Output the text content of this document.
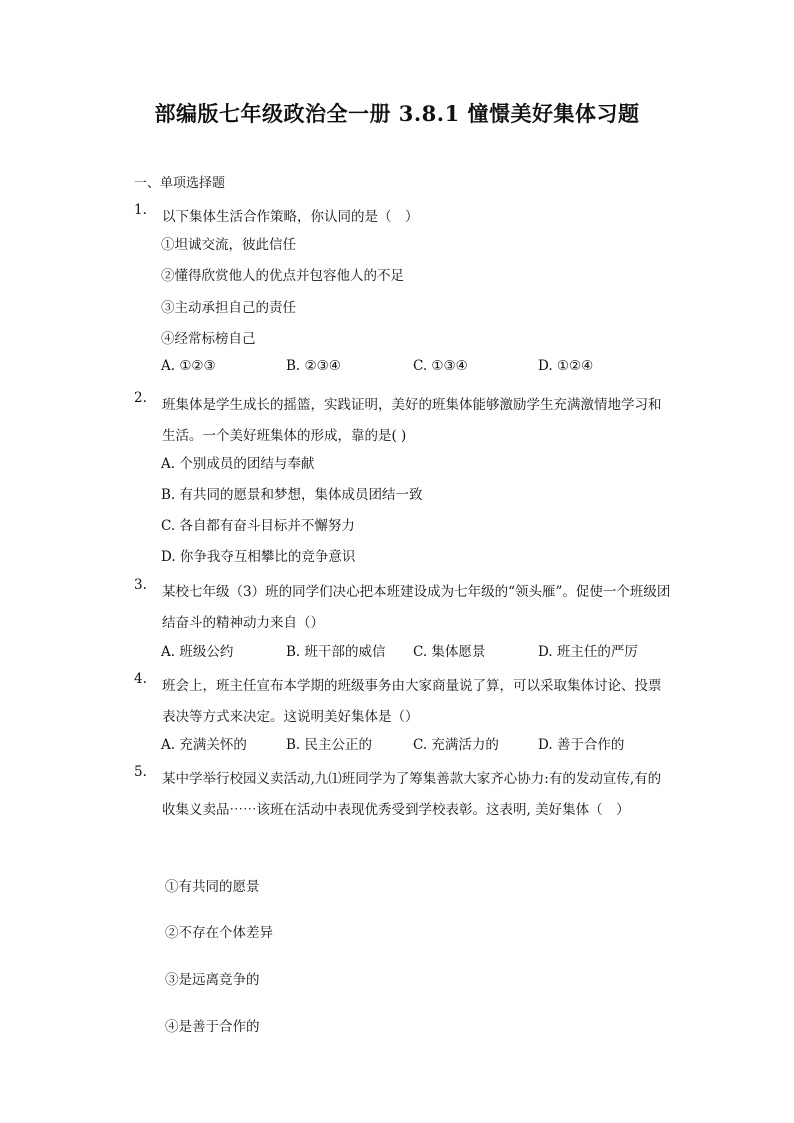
部编版七年级政治全一册 3.8.1 憧憬美好集体习题
一、单项选择题
1.	以下集体生活合作策略，你认同的是（　）
①坦诚交流，彼此信任
②懂得欣赏他人的优点并包容他人的不足
③主动承担自己的责任
④经常标榜自己
A. ①②③	B. ②③④	C. ①③④	D. ①②④
2.	班集体是学生成长的摇篮，实践证明，美好的班集体能够激励学生充满激情地学习和生活。一个美好班集体的形成，靠的是( )
A. 个别成员的团结与奉献
B. 有共同的愿景和梦想，集体成员团结一致
C. 各自都有奋斗目标并不懈努力
D. 你争我夺互相攀比的竞争意识
3.	某校七年级（3）班的同学们决心把本班建设成为七年级的“领头雁”。促使一个班级团结奋斗的精神动力来自（）
A. 班级公约	B. 班干部的威信 C. 集体愿景	D. 班主任的严厉
4.	班会上，班主任宣布本学期的班级事务由大家商量说了算，可以采取集体讨论、投票表决等方式来决定。这说明美好集体是（）
A. 充满关怀的	B. 民主公正的	C. 充满活力的	D. 善于合作的
5.	某中学举行校园义卖活动,九⑴班同学为了筹集善款大家齐心协力:有的发动宣传,有的收集义卖品⋯⋯该班在活动中表现优秀受到学校表彰。这表明, 美好集体（　）
①有共同的愿景
②不存在个体差异
③是远离竞争的
④是善于合作的
